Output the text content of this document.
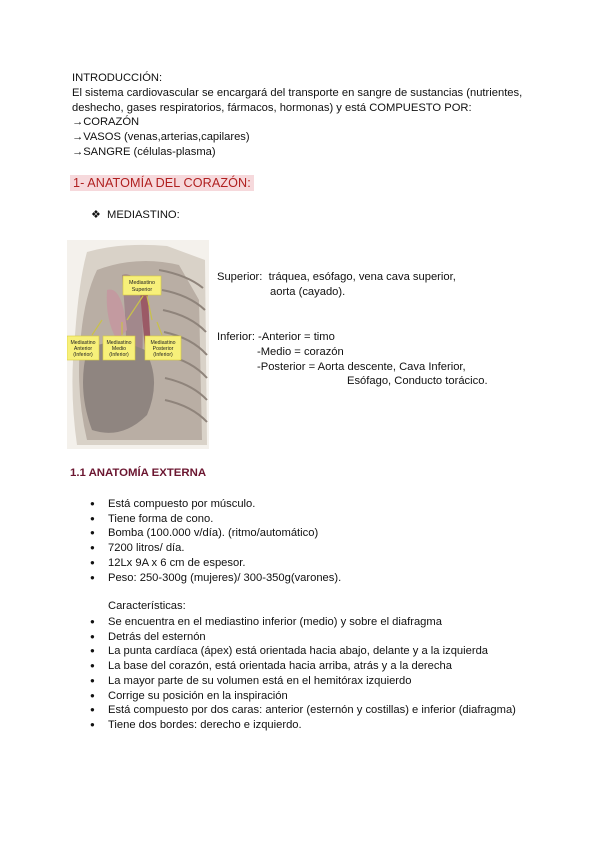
INTRODUCCIÓN:
El sistema cardiovascular se encargará del transporte en sangre de sustancias (nutrientes,
deshecho, gases respiratorios, fármacos, hormonas) y está COMPUESTO POR:
→CORAZÓN
→VASOS (venas,arterias,capilares)
→SANGRE (células-plasma)
1- ANATOMÍA DEL CORAZÓN:
❖ MEDIASTINO:
Mediastino
Superior
Mediastino
Anterior
(Inferior)
Mediastino
Medio
(Inferior)
Mediastino
Posterior
(Inferior)
Superior: tráquea, esófago, vena cava superior,
aorta (cayado).
Inferior: -Anterior = timo
-Medio = corazón
-Posterior = Aorta descente, Cava Inferior,
Esófago, Conducto torácico.
1.1 ANATOMÍA EXTERNA
● Está compuesto por músculo.
● Tiene forma de cono.
● Bomba (100.000 v/día). (ritmo/automático)
● 7200 litros/ día.
● 12Lx 9A x 6 cm de espesor.
● Peso: 250-300g (mujeres)/ 300-350g(varones).
Características:
● Se encuentra en el mediastino inferior (medio) y sobre el diafragma
● Detrás del esternón
● La punta cardíaca (ápex) está orientada hacia abajo, delante y a la izquierda
● La base del corazón, está orientada hacia arriba, atrás y a la derecha
● La mayor parte de su volumen está en el hemitórax izquierdo
● Corrige su posición en la inspiración
● Está compuesto por dos caras: anterior (esternón y costillas) e inferior (diafragma)
● Tiene dos bordes: derecho e izquierdo.
